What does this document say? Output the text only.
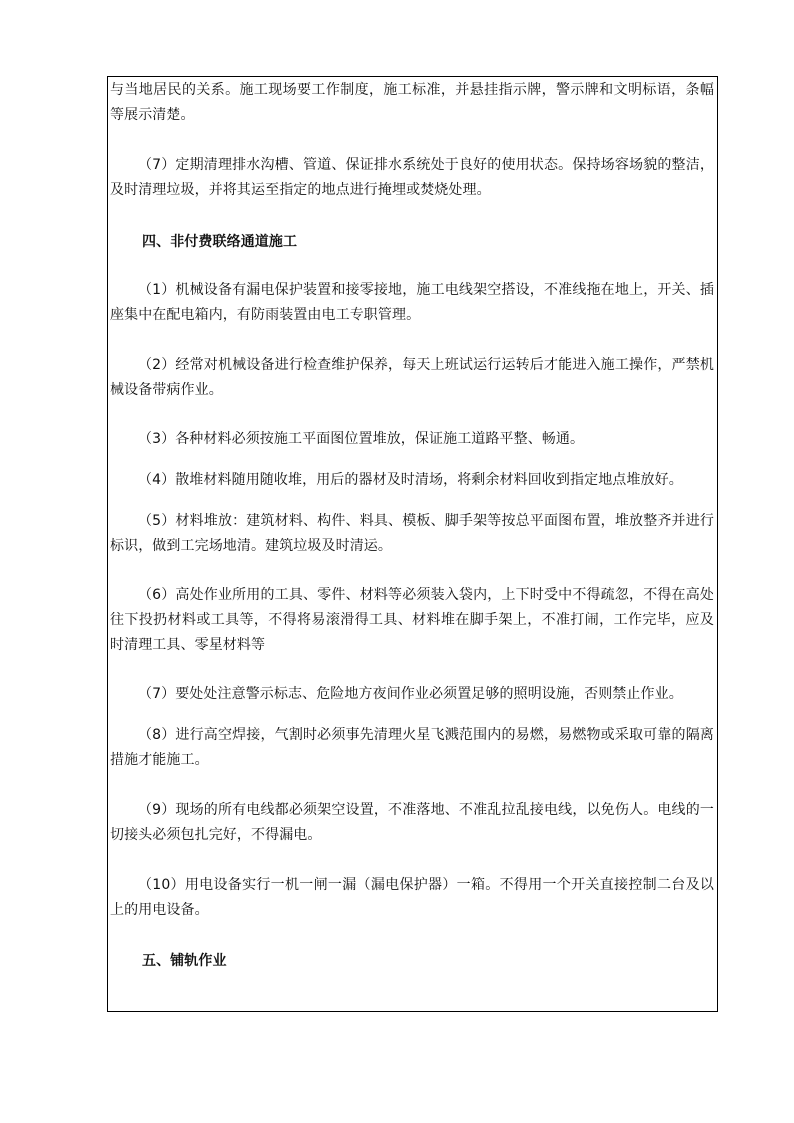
与当地居民的关系。施工现场要工作制度，施工标准，并悬挂指示牌，警示牌和文明标语，条幅等展示清楚。

（7）定期清理排水沟槽、管道、保证排水系统处于良好的使用状态。保持场容场貌的整洁，及时清理垃圾，并将其运至指定的地点进行掩埋或焚烧处理。

四、非付费联络通道施工

（1）机械设备有漏电保护装置和接零接地，施工电线架空搭设，不准线拖在地上，开关、插座集中在配电箱内，有防雨装置由电工专职管理。

（2）经常对机械设备进行检查维护保养，每天上班试运行运转后才能进入施工操作，严禁机械设备带病作业。

（3）各种材料必须按施工平面图位置堆放，保证施工道路平整、畅通。

（4）散堆材料随用随收堆，用后的器材及时清场，将剩余材料回收到指定地点堆放好。

（5）材料堆放：建筑材料、构件、料具、模板、脚手架等按总平面图布置，堆放整齐并进行标识，做到工完场地清。建筑垃圾及时清运。

（6）高处作业所用的工具、零件、材料等必须装入袋内，上下时受中不得疏忽，不得在高处往下投扔材料或工具等，不得将易滚滑得工具、材料堆在脚手架上，不准打闹，工作完毕，应及时清理工具、零星材料等

（7）要处处注意警示标志、危险地方夜间作业必须置足够的照明设施，否则禁止作业。

（8）进行高空焊接，气割时必须事先清理火星飞溅范围内的易燃，易燃物或采取可靠的隔离措施才能施工。

（9）现场的所有电线都必须架空设置，不准落地、不准乱拉乱接电线，以免伤人。电线的一切接头必须包扎完好，不得漏电。

（10）用电设备实行一机一闸一漏（漏电保护器）一箱。不得用一个开关直接控制二台及以上的用电设备。

五、铺轨作业
